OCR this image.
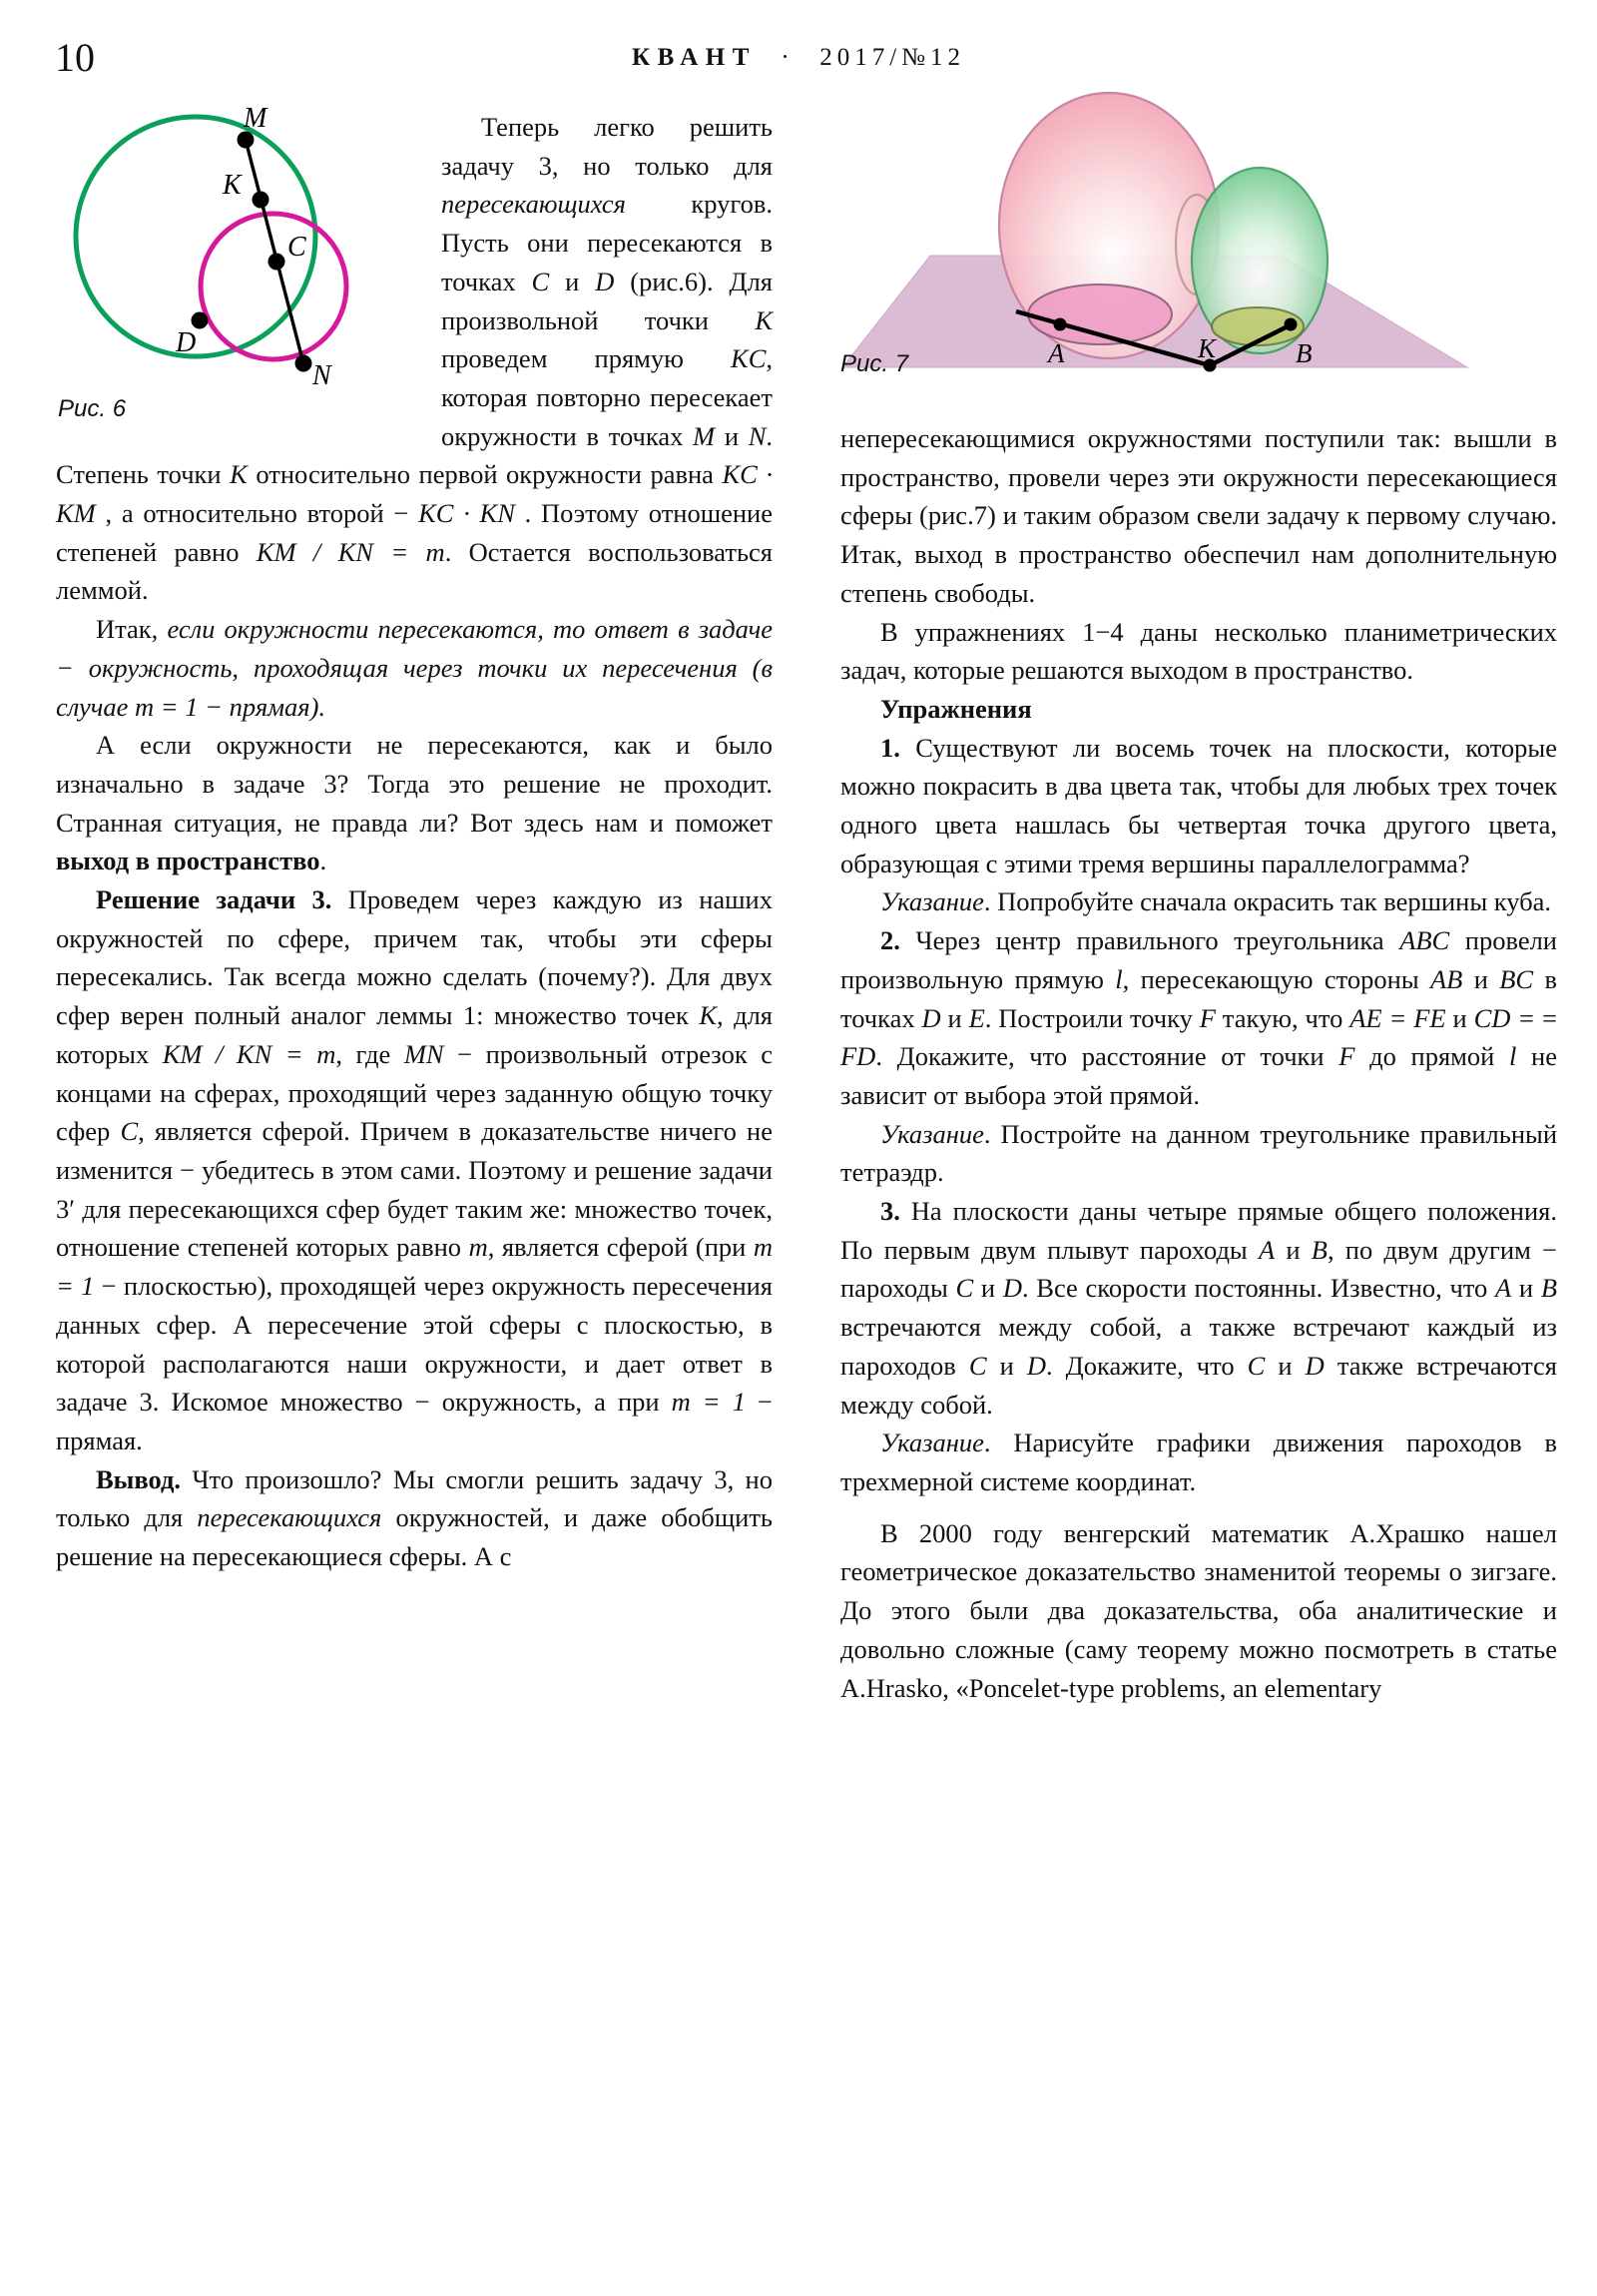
10	КВАНТ · 2017/№12
M
K
C
D
N
Рис. 6

Теперь легко решить задачу 3, но только для пересекающихся кругов. Пусть они пересекаются в точках C и D (рис.6). Для произвольной точки K проведем прямую KC, которая повторно пересекает окружности в точках M и N. Степень точки K относительно первой окружности равна KC · KM , а относительно второй − KC · KN . Поэтому отношение степеней равно KM / KN = m. Остается воспользоваться леммой.

Итак, если окружности пересекаются, то ответ в задаче − окружность, проходящая через точки их пересечения (в случае m = 1 − прямая).

А если окружности не пересекаются, как и было изначально в задаче 3? Тогда это решение не проходит. Странная ситуация, не правда ли? Вот здесь нам и поможет выход в пространство.

Решение задачи 3. Проведем через каждую из наших окружностей по сфере, причем так, чтобы эти сферы пересекались. Так всегда можно сделать (почему?). Для двух сфер верен полный аналог леммы 1: множество точек K, для которых KM / KN = m, где MN − произвольный отрезок с концами на сферах, проходящий через заданную общую точку сфер C, является сферой. Причем в доказательстве ничего не изменится − убедитесь в этом сами. Поэтому и решение задачи 3′ для пересекающихся сфер будет таким же: множество точек, отношение степеней которых равно m, является сферой (при m = 1 − плоскостью), проходящей через окружность пересечения данных сфер. А пересечение этой сферы с плоскостью, в которой располагаются наши окружности, и дает ответ в задаче 3. Искомое множество − окружность, а при m = 1 − прямая.

Вывод. Что произошло? Мы смогли решить задачу 3, но только для пересекающихся окружностей, и даже обобщить решение на пересекающиеся сферы. А с

A	K	B
Рис. 7

непересекающимися окружностями поступили так: вышли в пространство, провели через эти окружности пересекающиеся сферы (рис.7) и таким образом свели задачу к первому случаю. Итак, выход в пространство обеспечил нам дополнительную степень свободы.

В упражнениях 1−4 даны несколько планиметрических задач, которые решаются выходом в пространство.

Упражнения

1. Существуют ли восемь точек на плоскости, которые можно покрасить в два цвета так, чтобы для любых трех точек одного цвета нашлась бы четвертая точка другого цвета, образующая с этими тремя вершины параллелограмма?

Указание. Попробуйте сначала окрасить так вершины куба.

2. Через центр правильного треугольника ABC провели произвольную прямую l, пересекающую стороны AB и BC в точках D и E. Построили точку F такую, что AE = FE и CD = = FD. Докажите, что расстояние от точки F до прямой l не зависит от выбора этой прямой.

Указание. Постройте на данном треугольнике правильный тетраэдр.

3. На плоскости даны четыре прямые общего положения. По первым двум плывут пароходы A и B, по двум другим − пароходы C и D. Все скорости постоянны. Известно, что A и B встречаются между собой, а также встречают каждый из пароходов C и D. Докажите, что C и D также встречаются между собой.

Указание. Нарисуйте графики движения пароходов в трехмерной системе координат.

В 2000 году венгерский математик А.Храшко нашел геометрическое доказательство знаменитой теоремы о зигзаге. До этого были два доказательства, оба аналитические и довольно сложные (саму теорему можно посмотреть в статье A.Hrasko, «Poncelet-type problems, an elementary
